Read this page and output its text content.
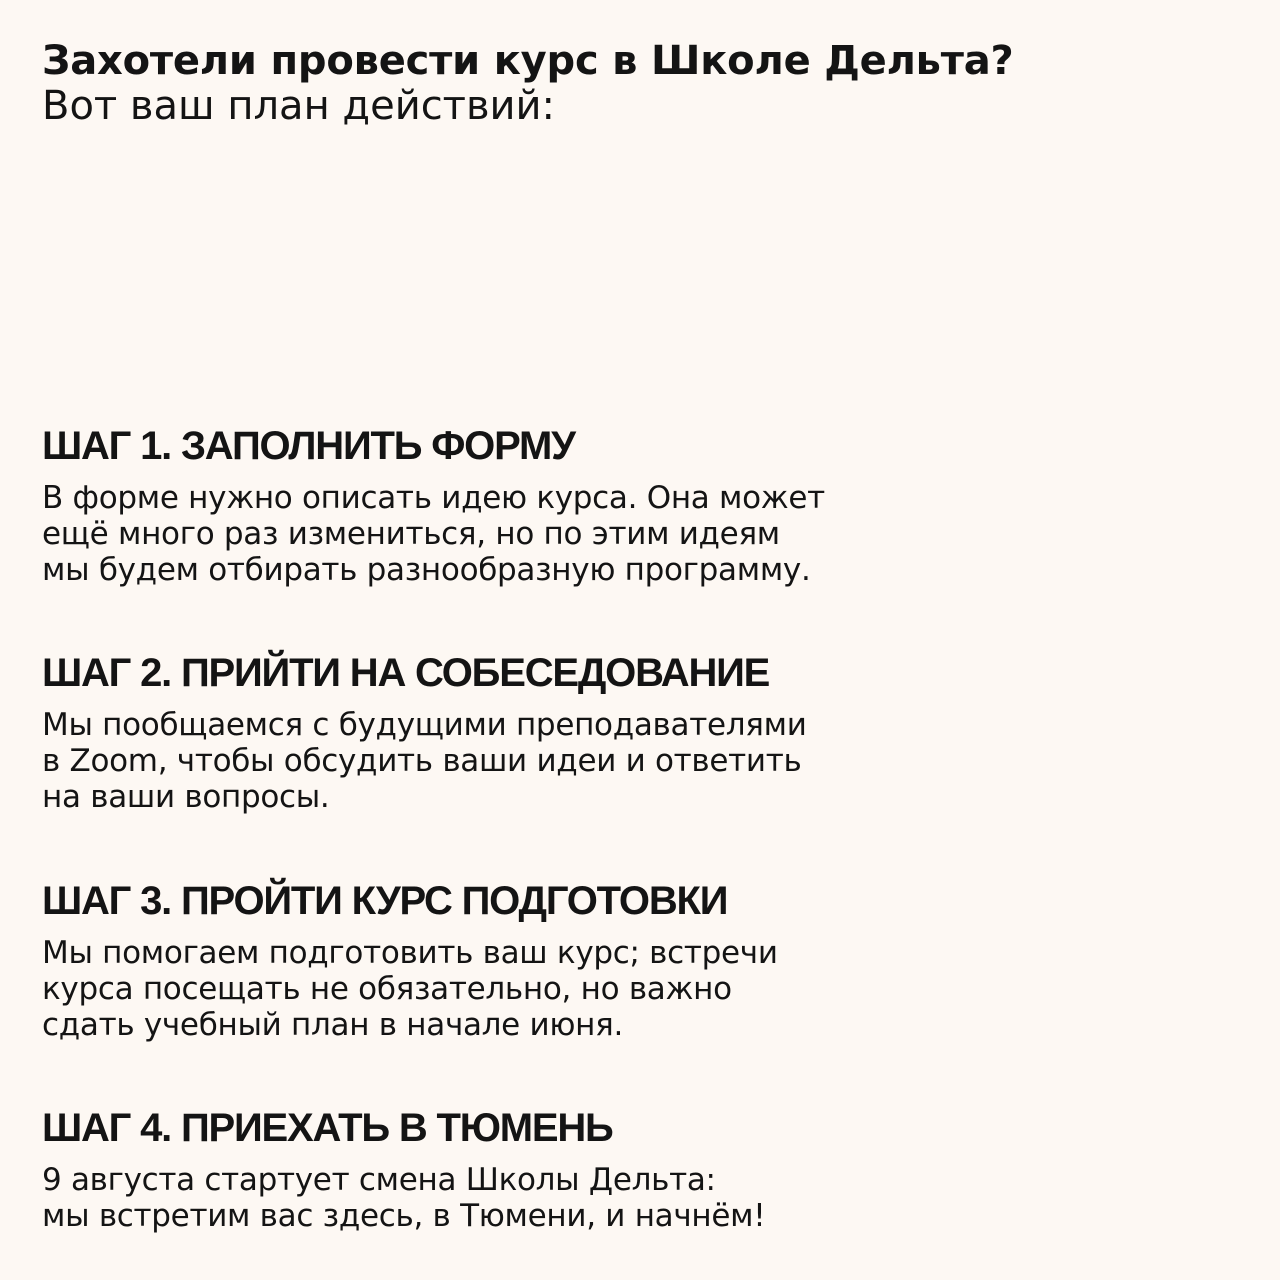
Захотели провести курс в Школе Дельта?
Вот ваш план действий:
ШАГ 1. ЗАПОЛНИТЬ ФОРМУ

В форме нужно описать идею курса. Она может
ещё много раз измениться, но по этим идеям
мы будем отбирать разнообразную программу.

ШАГ 2. ПРИЙТИ НА СОБЕСЕДОВАНИЕ

Мы пообщаемся с будущими преподавателями
в Zoom, чтобы обсудить ваши идеи и ответить
на ваши вопросы.

ШАГ 3. ПРОЙТИ КУРС ПОДГОТОВКИ

Мы помогаем подготовить ваш курс; встречи
курса посещать не обязательно, но важно
сдать учебный план в начале июня.

ШАГ 4. ПРИЕХАТЬ В ТЮМЕНЬ

9 августа стартует смена Школы Дельта:
мы встретим вас здесь, в Тюмени, и начнём!
